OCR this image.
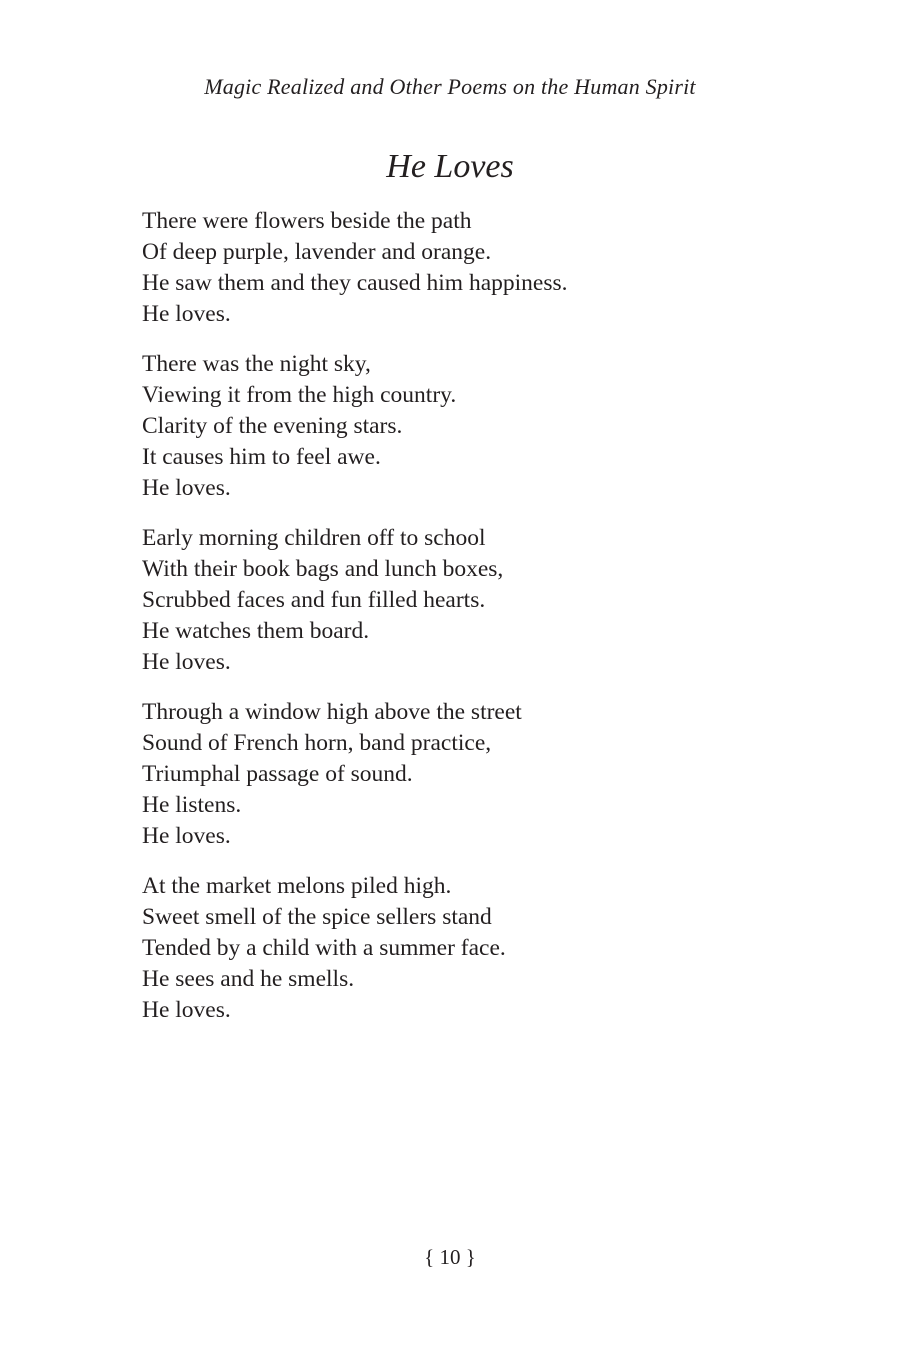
Magic Realized and Other Poems on the Human Spirit
He Loves
There were flowers beside the path
Of deep purple, lavender and orange.
He saw them and they caused him happiness.
He loves.
There was the night sky,
Viewing it from the high country.
Clarity of the evening stars.
It causes him to feel awe.
He loves.
Early morning children off to school
With their book bags and lunch boxes,
Scrubbed faces and fun filled hearts.
He watches them board.
He loves.
Through a window high above the street
Sound of French horn, band practice,
Triumphal passage of sound.
He listens.
He loves.
At the market melons piled high.
Sweet smell of the spice sellers stand
Tended by a child with a summer face.
He sees and he smells.
He loves.
{ 10 }
